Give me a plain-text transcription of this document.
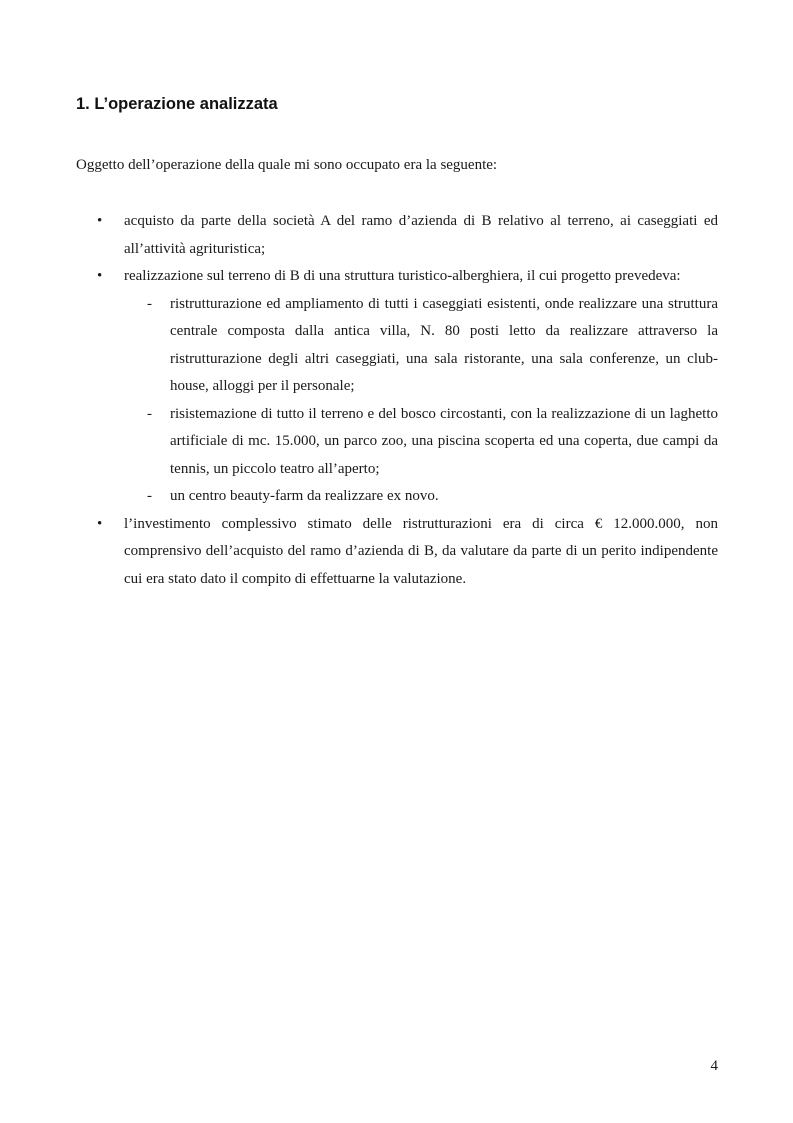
1. L’operazione analizzata

Oggetto dell’operazione della quale mi sono occupato era la seguente:

• acquisto da parte della società A del ramo d’azienda di B relativo al terreno, ai caseggiati ed all’attività agrituristica;
• realizzazione sul terreno di B di una struttura turistico-alberghiera, il cui progetto prevedeva:
- ristrutturazione ed ampliamento di tutti i caseggiati esistenti, onde realizzare una struttura centrale composta dalla antica villa, N. 80 posti letto da realizzare attraverso la ristrutturazione degli altri caseggiati, una sala ristorante, una sala conferenze, un club-house, alloggi per il personale;
- risistemazione di tutto il terreno e del bosco circostanti, con la realizzazione di un laghetto artificiale di mc. 15.000, un parco zoo, una piscina scoperta ed una coperta, due campi da tennis, un piccolo teatro all’aperto;
- un centro beauty-farm da realizzare ex novo.
• l’investimento complessivo stimato delle ristrutturazioni era di circa € 12.000.000, non comprensivo dell’acquisto del ramo d’azienda di B, da valutare da parte di un perito indipendente cui era stato dato il compito di effettuarne la valutazione.
4
